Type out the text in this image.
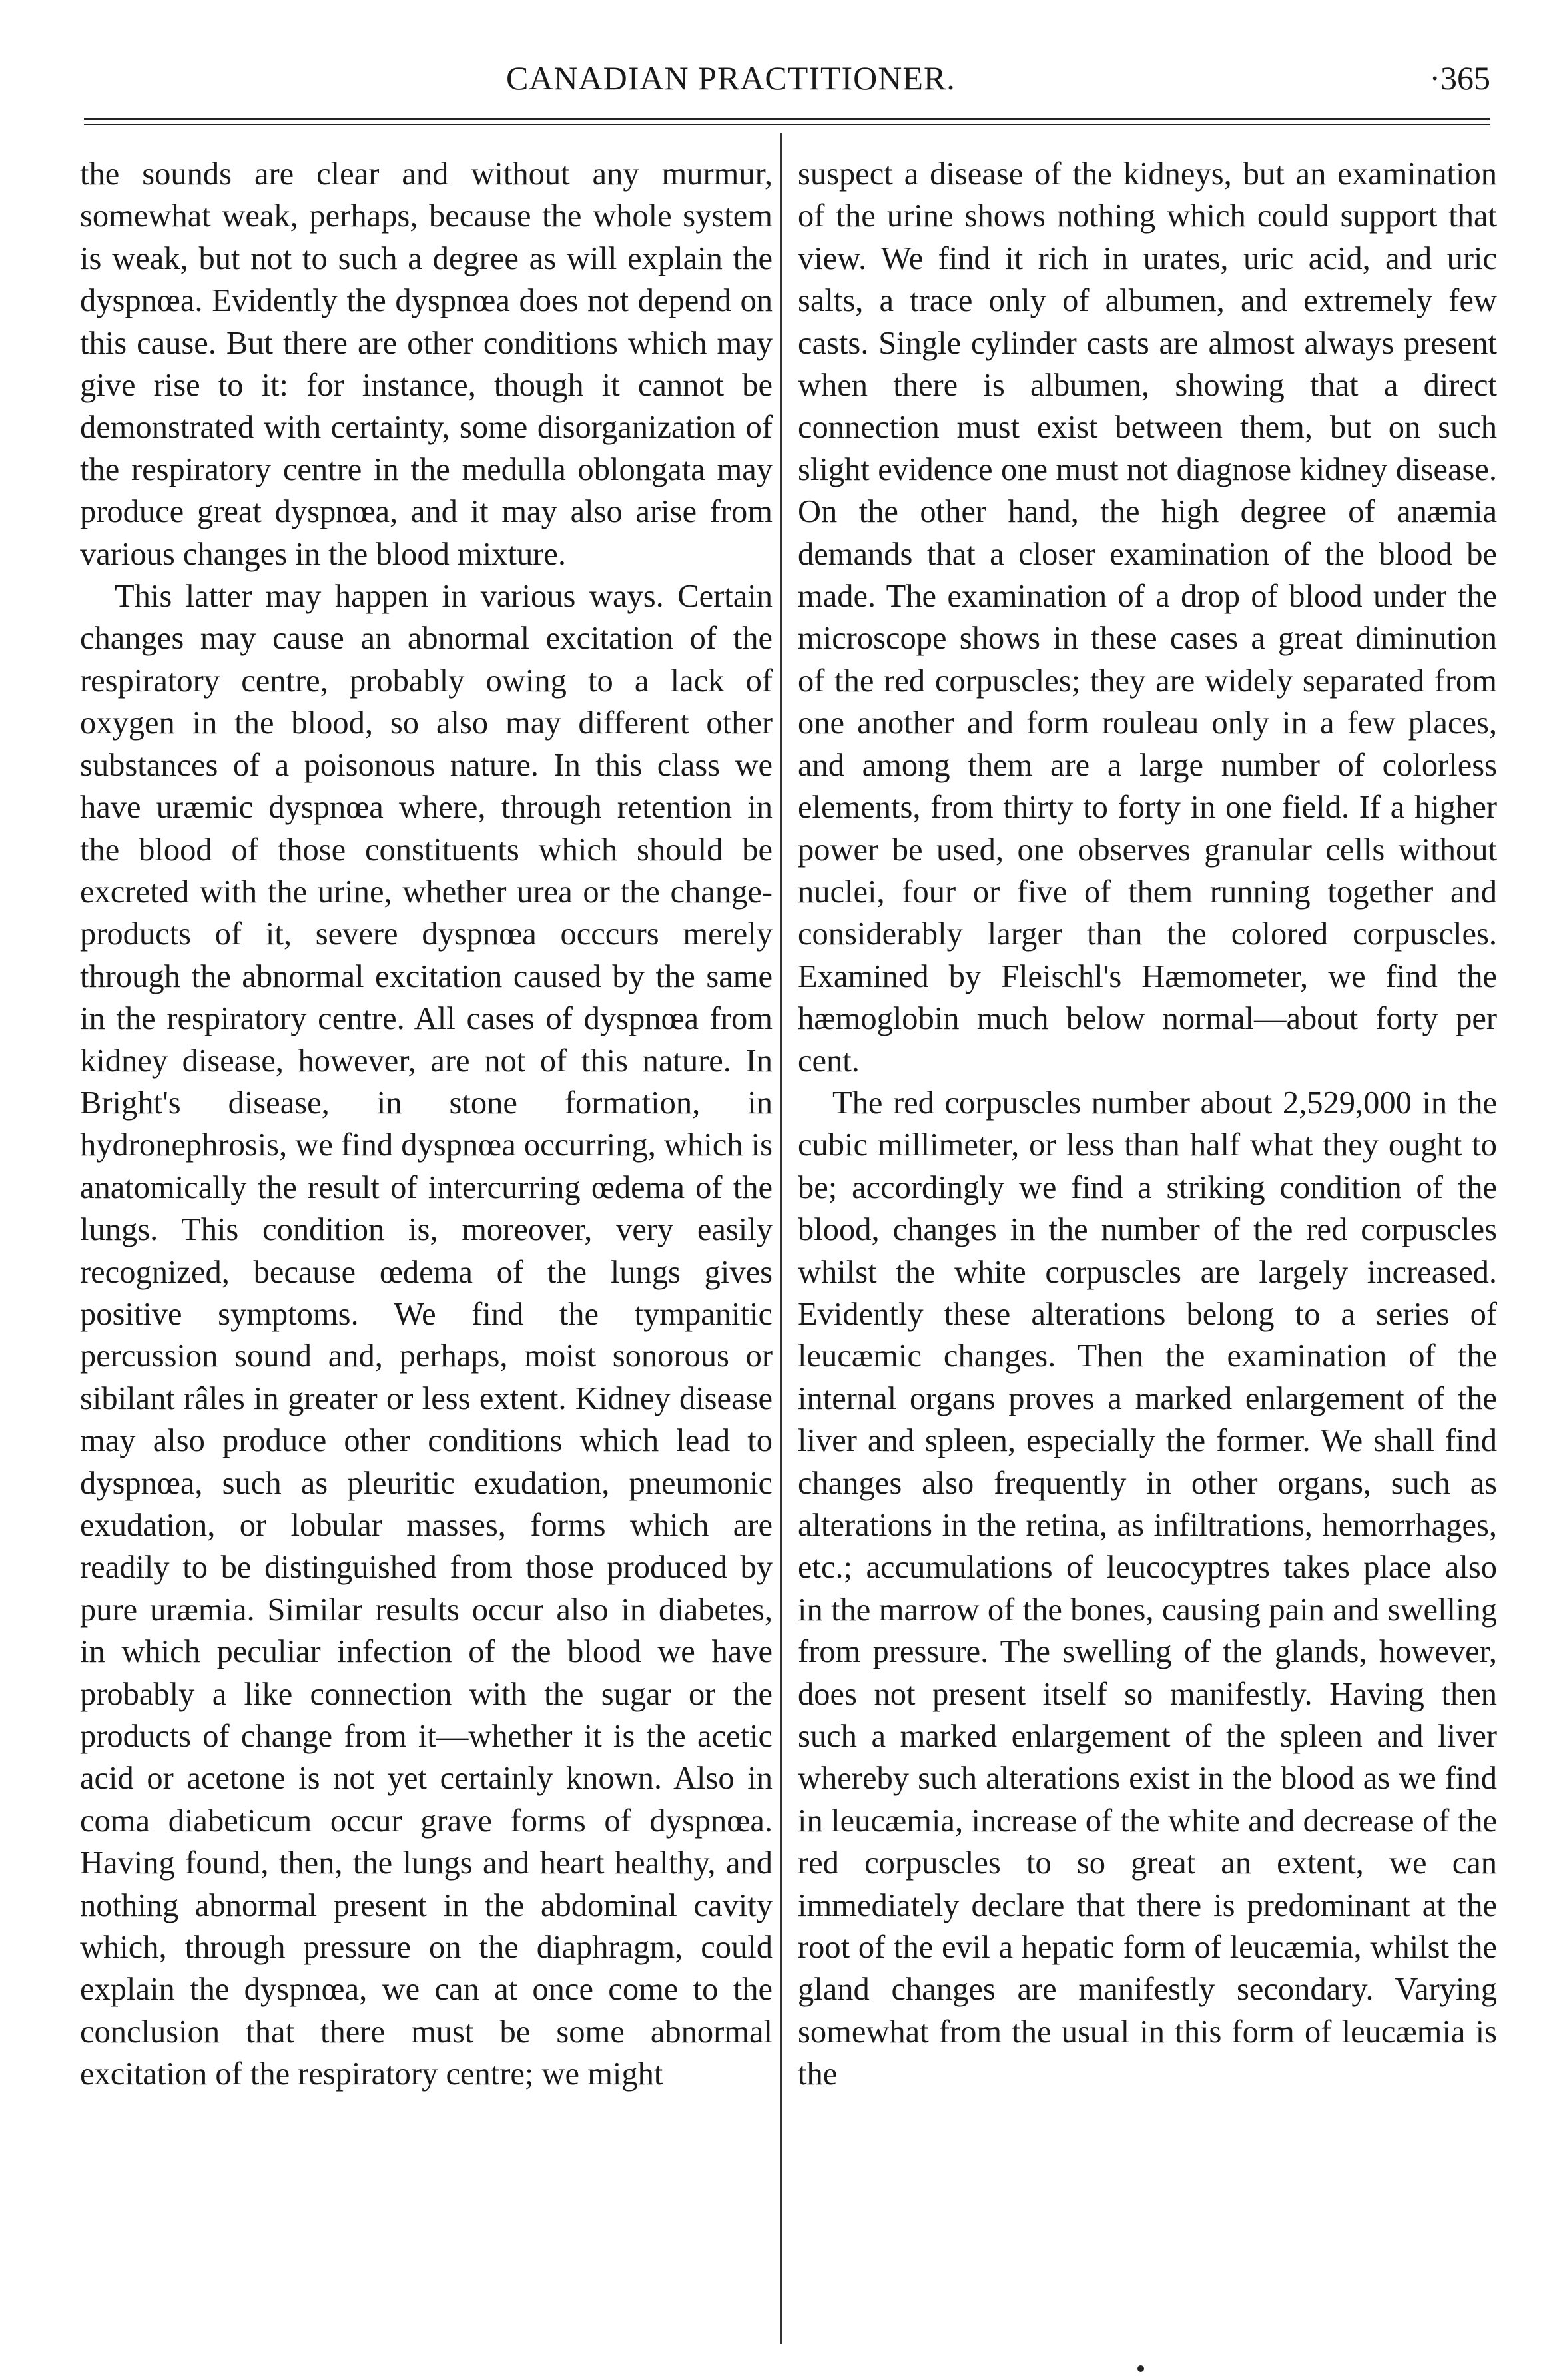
CANADIAN PRACTITIONER.	·365

the sounds are clear and without any murmur, somewhat weak, perhaps, because the whole system is weak, but not to such a degree as will explain the dyspnœa. Evidently the dyspnœa does not depend on this cause. But there are other conditions which may give rise to it: for instance, though it cannot be demonstrated with certainty, some disorganization of the respiratory centre in the medulla oblongata may produce great dyspnœa, and it may also arise from various changes in the blood mixture.

This latter may happen in various ways. Certain changes may cause an abnormal excitation of the respiratory centre, probably owing to a lack of oxygen in the blood, so also may different other substances of a poisonous nature. In this class we have uræmic dyspnœa where, through retention in the blood of those constituents which should be excreted with the urine, whether urea or the change-products of it, severe dyspnœa occcurs merely through the abnormal excitation caused by the same in the respiratory centre. All cases of dyspnœa from kidney disease, however, are not of this nature. In Bright's disease, in stone formation, in hydronephrosis, we find dyspnœa occurring, which is anatomically the result of intercurring œdema of the lungs. This condition is, moreover, very easily recognized, because œdema of the lungs gives positive symptoms. We find the tympanitic percussion sound and, perhaps, moist sonorous or sibilant râles in greater or less extent. Kidney disease may also produce other conditions which lead to dyspnœa, such as pleuritic exudation, pneumonic exudation, or lobular masses, forms which are readily to be distinguished from those produced by pure uræmia. Similar results occur also in diabetes, in which peculiar infection of the blood we have probably a like connection with the sugar or the products of change from it—whether it is the acetic acid or acetone is not yet certainly known. Also in coma diabeticum occur grave forms of dyspnœa. Having found, then, the lungs and heart healthy, and nothing abnormal present in the abdominal cavity which, through pressure on the diaphragm, could explain the dyspnœa, we can at once come to the conclusion that there must be some abnormal excitation of the respiratory centre; we might

suspect a disease of the kidneys, but an examination of the urine shows nothing which could support that view. We find it rich in urates, uric acid, and uric salts, a trace only of albumen, and extremely few casts. Single cylinder casts are almost always present when there is albumen, showing that a direct connection must exist between them, but on such slight evidence one must not diagnose kidney disease. On the other hand, the high degree of anæmia demands that a closer examination of the blood be made. The examination of a drop of blood under the microscope shows in these cases a great diminution of the red corpuscles; they are widely separated from one another and form rouleau only in a few places, and among them are a large number of colorless elements, from thirty to forty in one field. If a higher power be used, one observes granular cells without nuclei, four or five of them running together and considerably larger than the colored corpuscles. Examined by Fleischl's Hæmometer, we find the hæmoglobin much below normal—about forty per cent.

The red corpuscles number about 2,529,000 in the cubic millimeter, or less than half what they ought to be; accordingly we find a striking condition of the blood, changes in the number of the red corpuscles whilst the white corpuscles are largely increased. Evidently these alterations belong to a series of leucæmic changes. Then the examination of the internal organs proves a marked enlargement of the liver and spleen, especially the former. We shall find changes also frequently in other organs, such as alterations in the retina, as infiltrations, hemorrhages, etc.; accumulations of leucocyptres takes place also in the marrow of the bones, causing pain and swelling from pressure. The swelling of the glands, however, does not present itself so manifestly. Having then such a marked enlargement of the spleen and liver whereby such alterations exist in the blood as we find in leucæmia, increase of the white and decrease of the red corpuscles to so great an extent, we can immediately declare that there is predominant at the root of the evil a hepatic form of leucæmia, whilst the gland changes are manifestly secondary. Varying somewhat from the usual in this form of leucæmia is the
